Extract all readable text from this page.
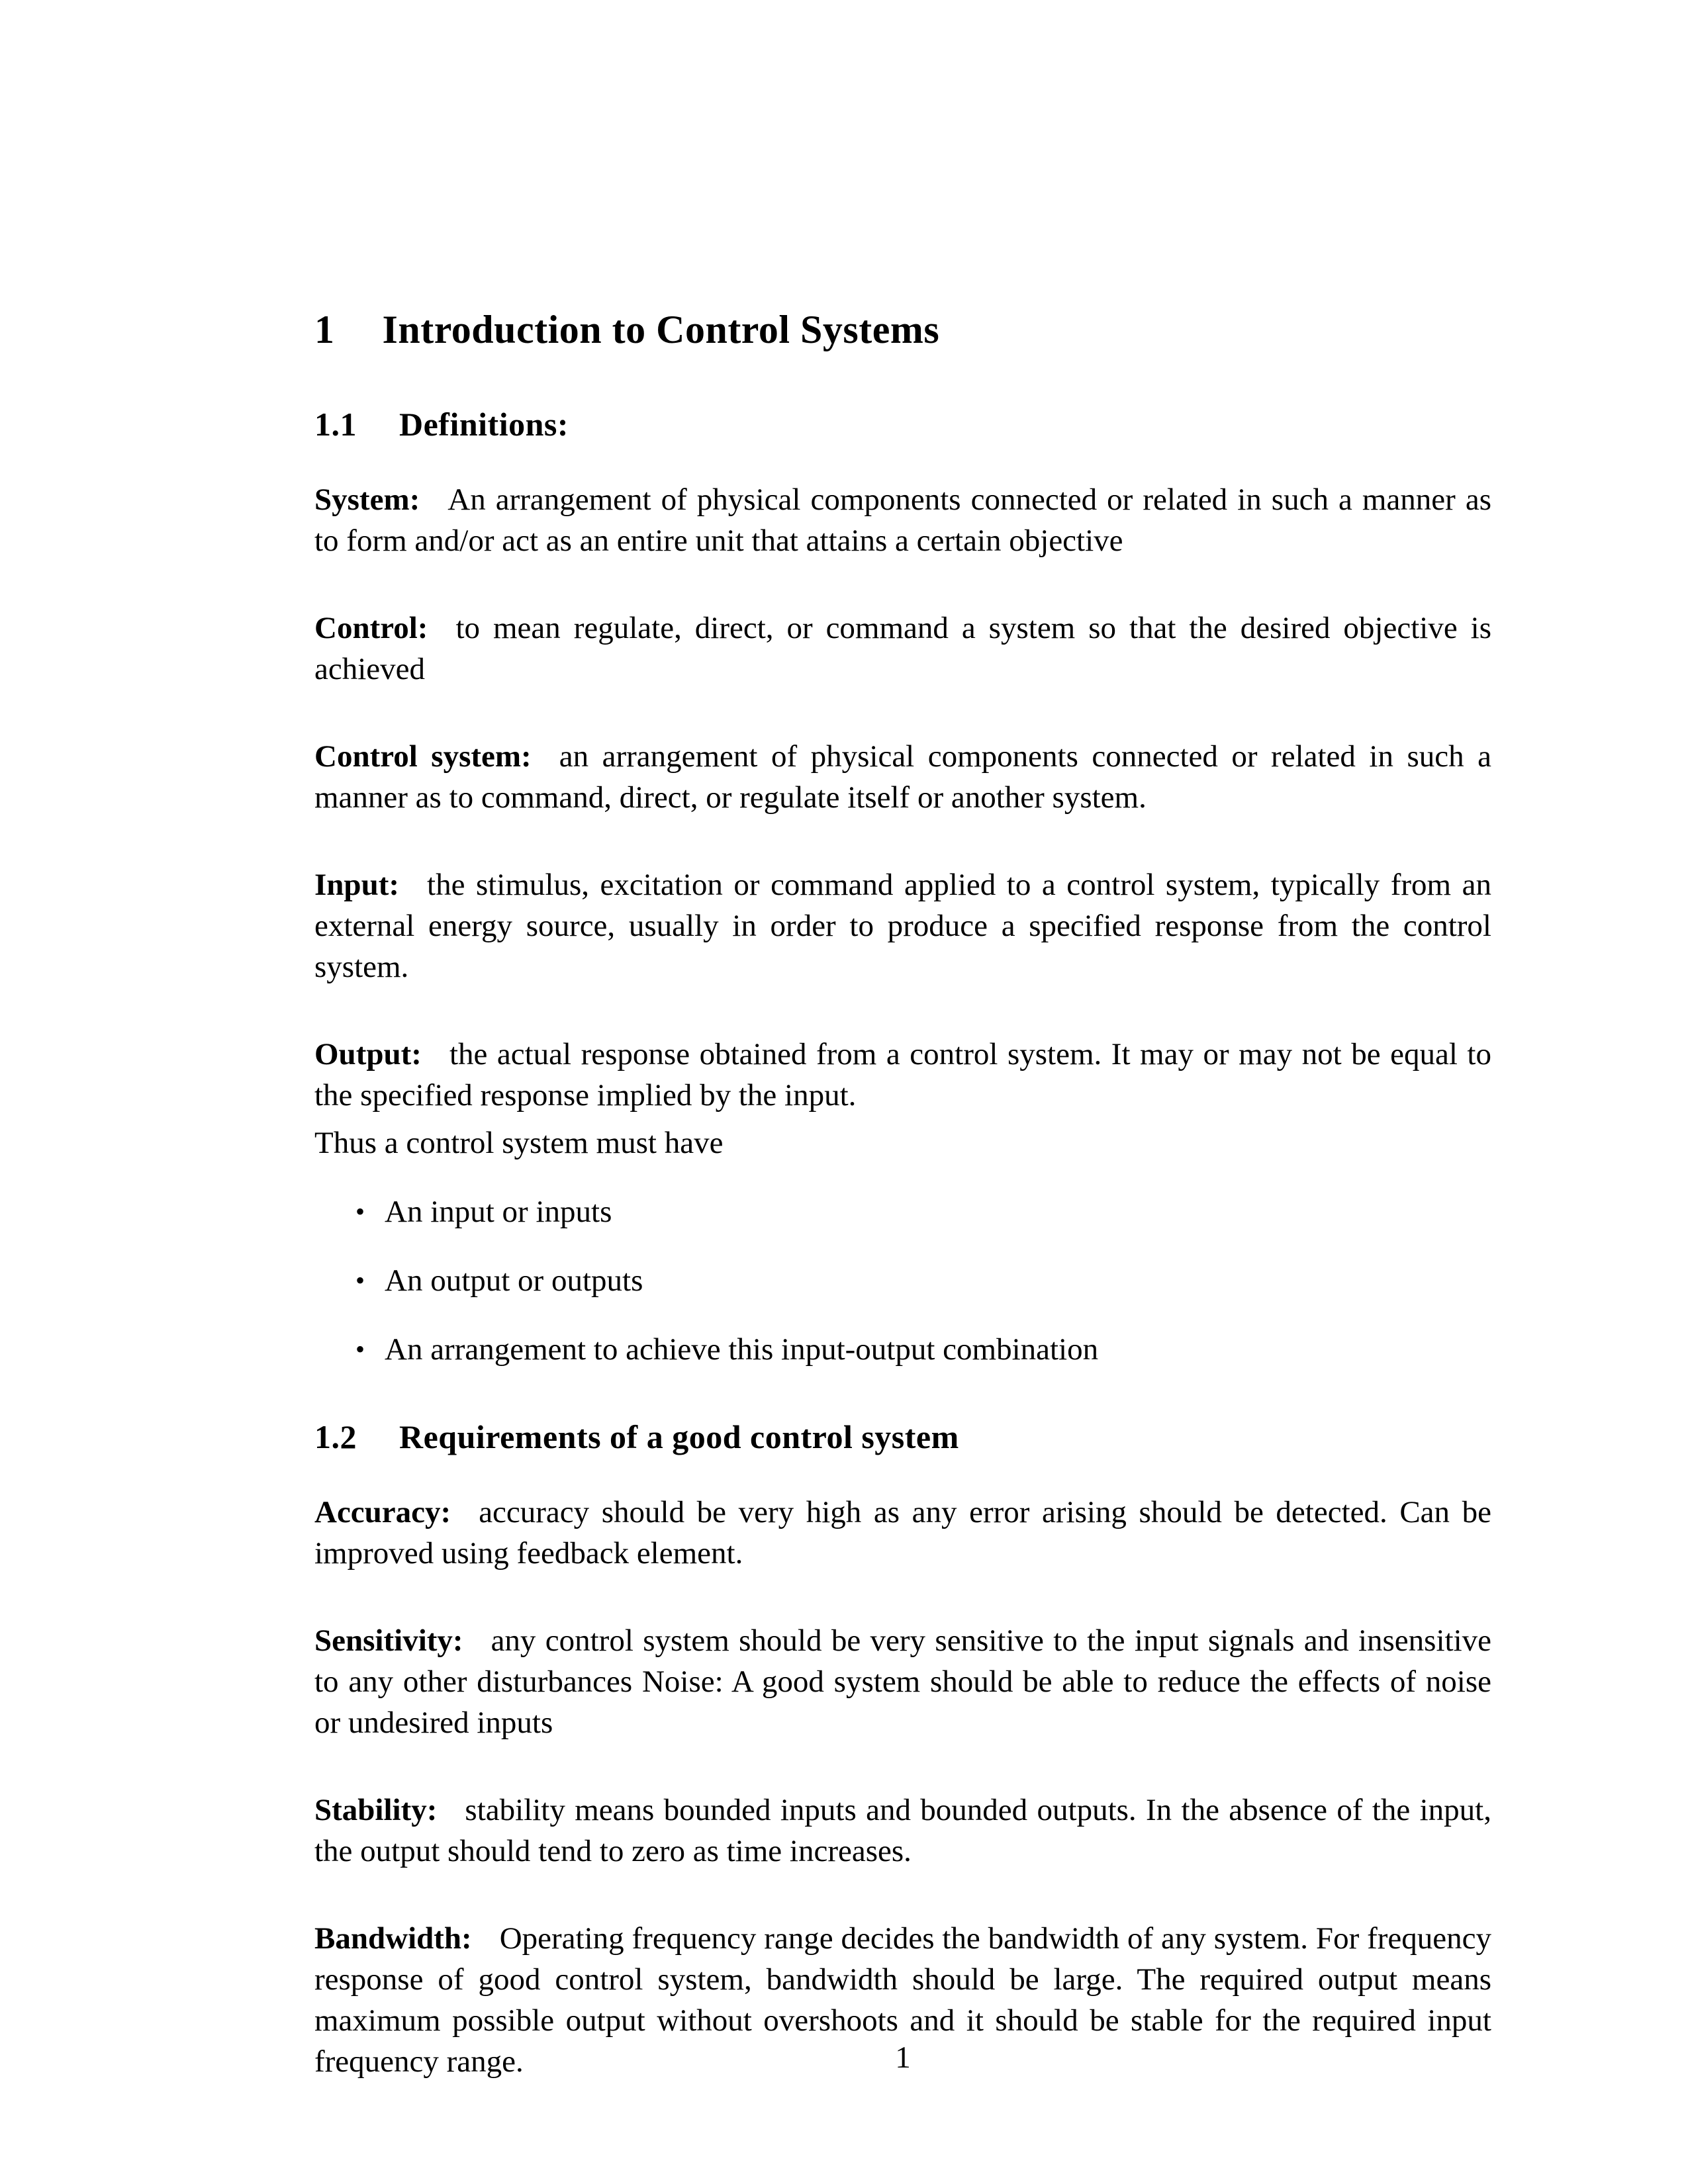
1 Introduction to Control Systems
1.1 Definitions:

System: An arrangement of physical components connected or related in such a manner as to form and/or act as an entire unit that attains a certain objective

Control: to mean regulate, direct, or command a system so that the desired objective is achieved

Control system: an arrangement of physical components connected or related in such a manner as to command, direct, or regulate itself or another system.

Input: the stimulus, excitation or command applied to a control system, typically from an external energy source, usually in order to produce a specified response from the control system.

Output: the actual response obtained from a control system. It may or may not be equal to the specified response implied by the input.

Thus a control system must have

• An input or inputs
• An output or outputs
• An arrangement to achieve this input-output combination
1.2 Requirements of a good control system

Accuracy: accuracy should be very high as any error arising should be detected. Can be improved using feedback element.

Sensitivity: any control system should be very sensitive to the input signals and insensitive to any other disturbances Noise: A good system should be able to reduce the effects of noise or undesired inputs

Stability: stability means bounded inputs and bounded outputs. In the absence of the input, the output should tend to zero as time increases.

Bandwidth: Operating frequency range decides the bandwidth of any system. For frequency response of good control system, bandwidth should be large. The required output means maximum possible output without overshoots and it should be stable for the required input frequency range.	1
